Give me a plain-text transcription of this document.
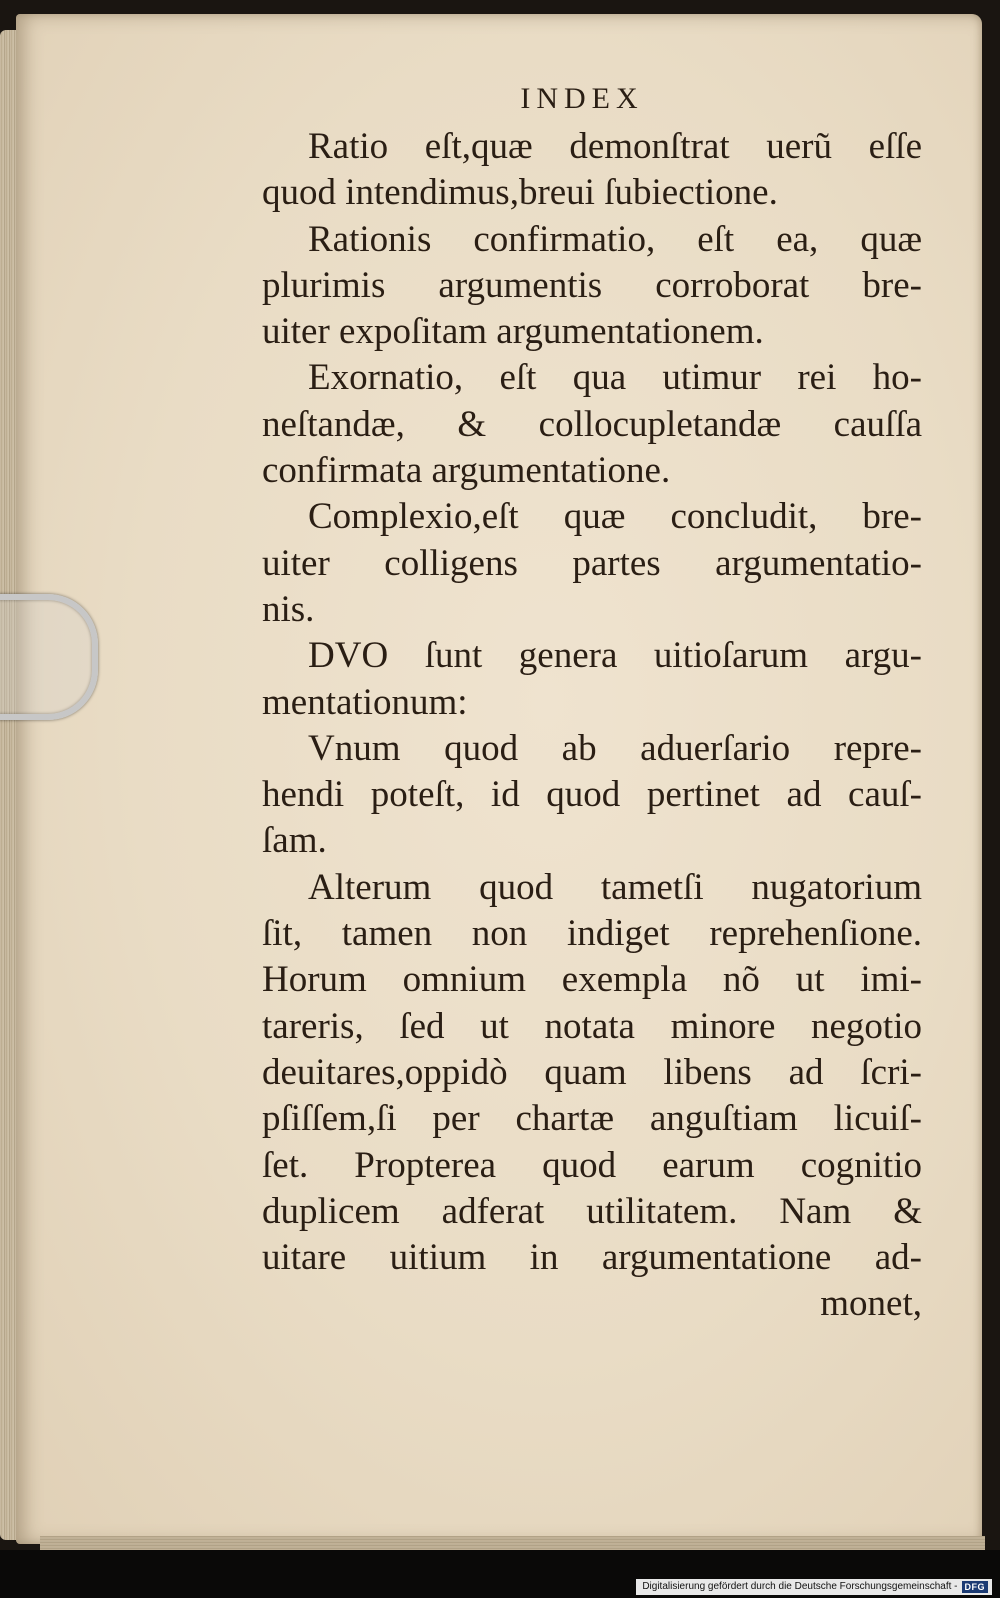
INDEX
Ratio eſt,quæ demonſtrat uerũ eſſe
quod intendimus,breui ſubiectione.
Rationis confirmatio, eſt ea, quæ
plurimis argumentis corroborat bre-
uiter expoſitam argumentationem.
Exornatio, eſt qua utimur rei ho-
neſtandæ, & collocupletandæ cauſſa
confirmata argumentatione.
Complexio,eſt quæ concludit, bre-
uiter colligens partes argumentatio-
nis.
DVO ſunt genera uitioſarum argu-
mentationum:
Vnum quod ab aduerſario repre-
hendi poteſt, id quod pertinet ad cauſ-
ſam.
Alterum quod tametſi nugatorium
ſit, tamen non indiget reprehenſione.
Horum omnium exempla nõ ut imi-
tareris, ſed ut notata minore negotio
deuitares,oppidò quam libens ad ſcri-
pſiſſem,ſi per chartæ anguſtiam licuiſ-
ſet. Propterea quod earum cognitio
duplicem adferat utilitatem. Nam &
uitare uitium in argumentatione ad-
monet,
Digitalisierung gefördert durch die Deutsche Forschungsgemeinschaft - DFG
